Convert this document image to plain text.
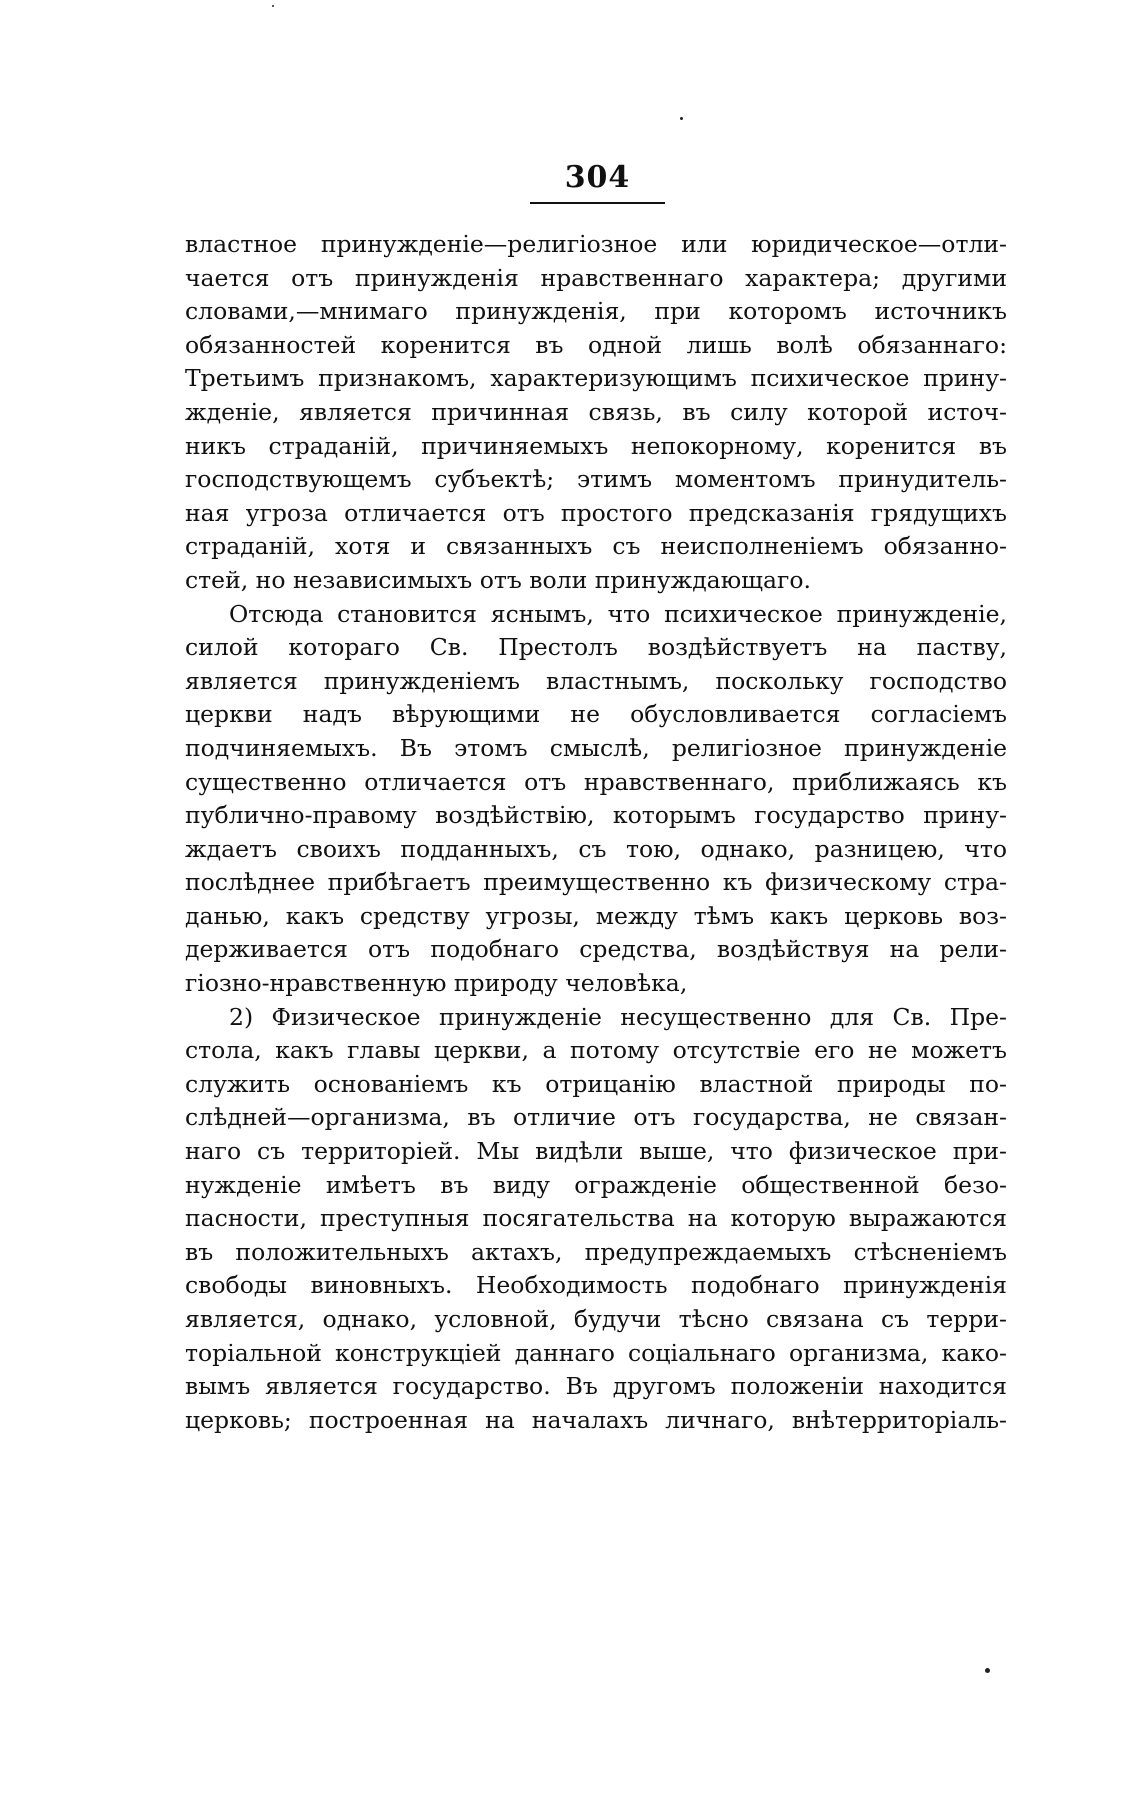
304
властное принужденіе—религіозное или юридическое—отли-
чается отъ принужденія нравственнаго характера; другими
словами,—мнимаго принужденія, при которомъ источникъ
обязанностей коренится въ одной лишь волѣ обязаннаго:
Третьимъ признакомъ, характеризующимъ психическое прину-
жденіе, является причинная связь, въ силу которой источ-
никъ страданій, причиняемыхъ непокорному, коренится въ
господствующемъ субъектѣ; этимъ моментомъ принудитель-
ная угроза отличается отъ простого предсказанія грядущихъ
страданій, хотя и связанныхъ съ неисполненіемъ обязанно-
стей, но независимыхъ отъ воли принуждающаго.
Отсюда становится яснымъ, что психическое принужденіе,
силой котораго Св. Престолъ воздѣйствуетъ на паству,
является принужденіемъ властнымъ, поскольку господство
церкви надъ вѣрующими не обусловливается согласіемъ
подчиняемыхъ. Въ этомъ смыслѣ, религіозное принужденіе
существенно отличается отъ нравственнаго, приближаясь къ
публично-правому воздѣйствію, которымъ государство прину-
ждаетъ своихъ подданныхъ, съ тою, однако, разницею, что
послѣднее прибѣгаетъ преимущественно къ физическому стра-
данью, какъ средству угрозы, между тѣмъ какъ церковь воз-
держивается отъ подобнаго средства, воздѣйствуя на рели-
гіозно-нравственную природу человѣка,
2) Физическое принужденіе несущественно для Св. Пре-
стола, какъ главы церкви, а потому отсутствіе его не можетъ
служить основаніемъ къ отрицанію властной природы по-
слѣдней—организма, въ отличие отъ государства, не связан-
наго съ территоріей. Мы видѣли выше, что физическое при-
нужденіе имѣетъ въ виду огражденіе общественной безо-
пасности, преступныя посягательства на которую выражаются
въ положительныхъ актахъ, предупреждаемыхъ стѣсненіемъ
свободы виновныхъ. Необходимость подобнаго принужденія
является, однако, условной, будучи тѣсно связана съ терри-
торіальной конструкціей даннаго соціальнаго организма, како-
вымъ является государство. Въ другомъ положеніи находится
церковь; построенная на началахъ личнаго, внѣтерриторіаль-
